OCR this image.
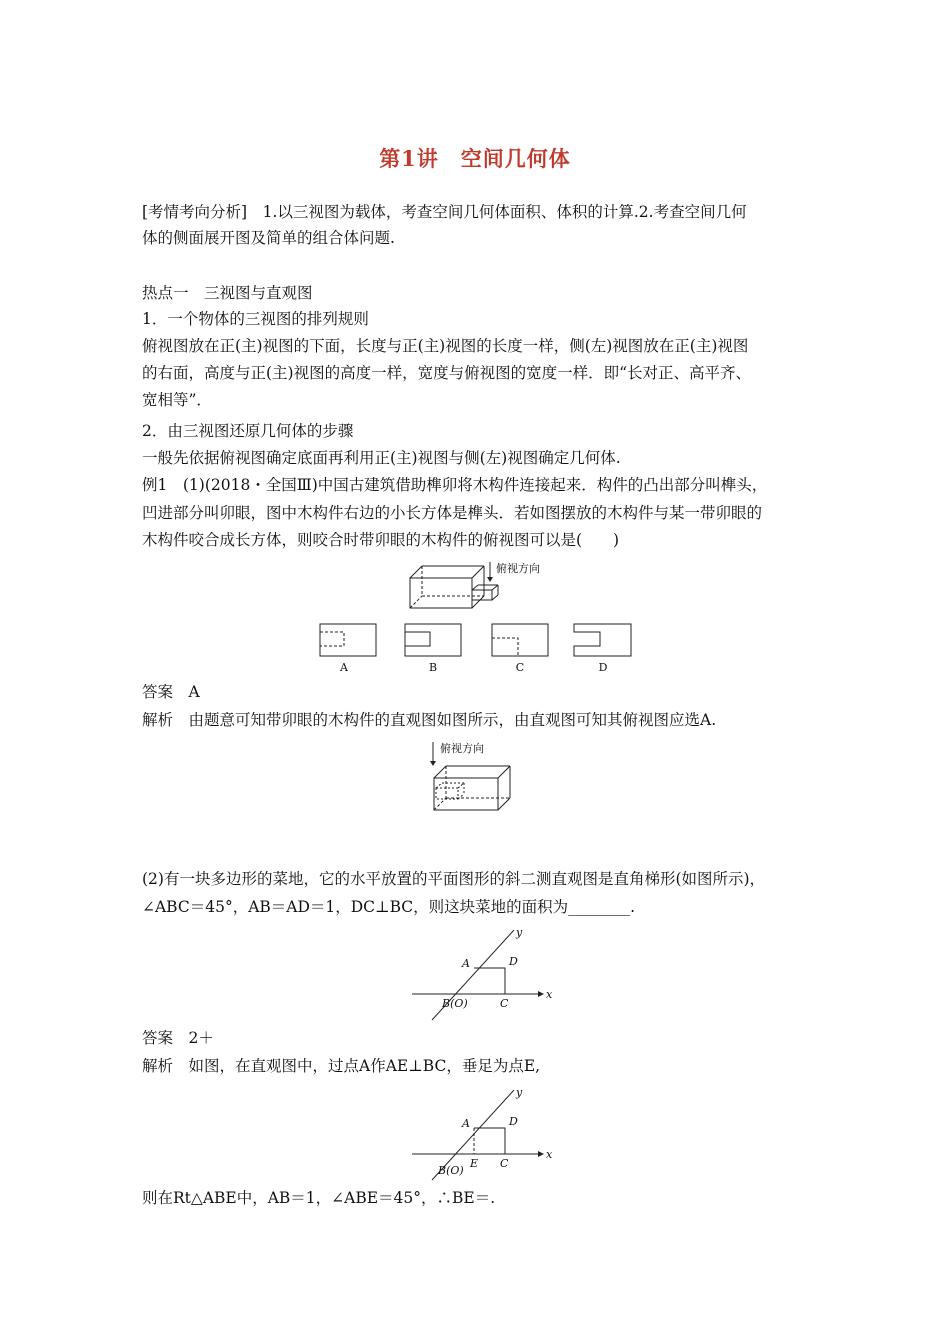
第1讲　空间几何体
[考情考向分析]　1.以三视图为载体，考查空间几何体面积、体积的计算.2.考查空间几何
体的侧面展开图及简单的组合体问题.
热点一　三视图与直观图
1．一个物体的三视图的排列规则
俯视图放在正(主)视图的下面，长度与正(主)视图的长度一样，侧(左)视图放在正(主)视图
的右面，高度与正(主)视图的高度一样，宽度与俯视图的宽度一样．即“长对正、高平齐、
宽相等”．
2．由三视图还原几何体的步骤
一般先依据俯视图确定底面再利用正(主)视图与侧(左)视图确定几何体.
例1　(1)(2018・全国Ⅲ)中国古建筑借助榫卯将木构件连接起来．构件的凸出部分叫榫头，
凹进部分叫卯眼，图中木构件右边的小长方体是榫头．若如图摆放的木构件与某一带卯眼的
木构件咬合成长方体，则咬合时带卯眼的木构件的俯视图可以是(　　)
俯视方向
A	B	C	D
答案　A
解析　由题意可知带卯眼的木构件的直观图如图所示，由直观图可知其俯视图应选A.
俯视方向
(2)有一块多边形的菜地，它的水平放置的平面图形的斜二测直观图是直角梯形(如图所示)，
∠ABC＝45°，AB＝AD＝1，DC⊥BC，则这块菜地的面积为________.
x
y
A	D
C
B(O)
答案　2＋
解析　如图，在直观图中，过点A作AE⊥BC，垂足为点E,
x
y
A	D
E C
B(O)
则在Rt△ABE中，AB＝1，∠ABE＝45°，∴BE＝.
